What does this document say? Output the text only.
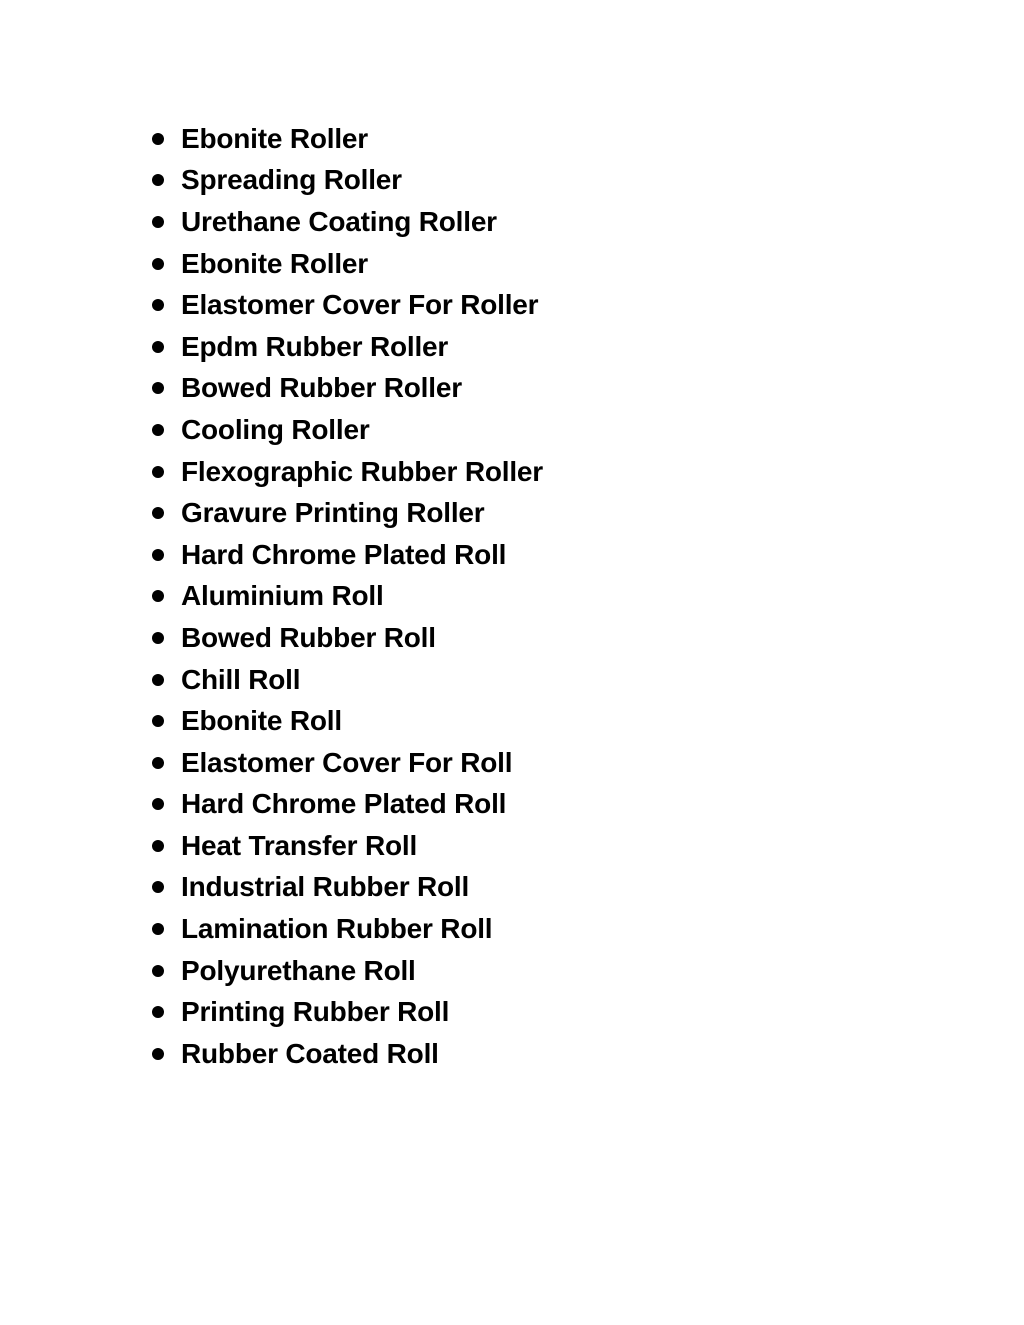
Ebonite Roller
Spreading Roller
Urethane Coating Roller
Ebonite Roller
Elastomer Cover For Roller
Epdm Rubber Roller
Bowed Rubber Roller
Cooling Roller
Flexographic Rubber Roller
Gravure Printing Roller
Hard Chrome Plated Roll
Aluminium Roll
Bowed Rubber Roll
Chill Roll
Ebonite Roll
Elastomer Cover For Roll
Hard Chrome Plated Roll
Heat Transfer Roll
Industrial Rubber Roll
Lamination Rubber Roll
Polyurethane Roll
Printing Rubber Roll
Rubber Coated Roll
